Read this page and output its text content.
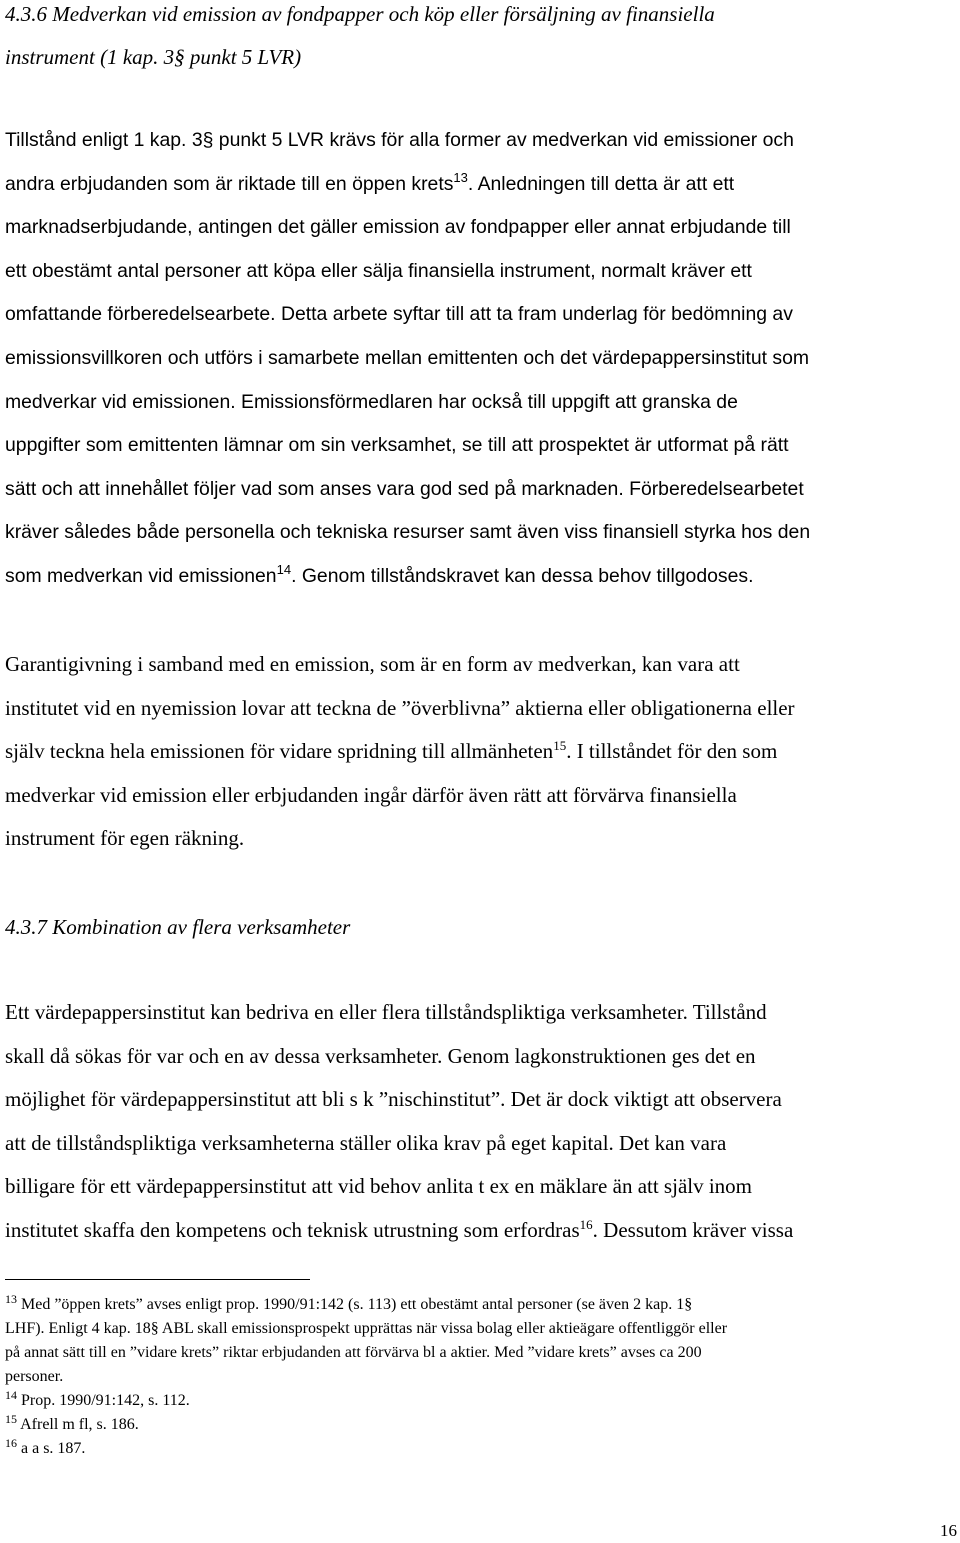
4.3.6 Medverkan vid emission av fondpapper och köp eller försäljning av finansiella
instrument (1 kap. 3§ punkt 5 LVR)

Tillstånd enligt 1 kap. 3§ punkt 5 LVR krävs för alla former av medverkan vid emissioner och
andra erbjudanden som är riktade till en öppen krets$^{13}$. Anledningen till detta är att ett
marknadserbjudande, antingen det gäller emission av fondpapper eller annat erbjudande till
ett obestämt antal personer att köpa eller sälja finansiella instrument, normalt kräver ett
omfattande förberedelsearbete. Detta arbete syftar till att ta fram underlag för bedömning av
emissionsvillkoren och utförs i samarbete mellan emittenten och det värdepappersinstitut som
medverkar vid emissionen. Emissionsförmedlaren har också till uppgift att granska de
uppgifter som emittenten lämnar om sin verksamhet, se till att prospektet är utformat på rätt
sätt och att innehållet följer vad som anses vara god sed på marknaden. Förberedelsearbetet
kräver således både personella och tekniska resurser samt även viss finansiell styrka hos den
som medverkan vid emissionen$^{14}$. Genom tillståndskravet kan dessa behov tillgodoses.

Garantigivning i samband med en emission, som är en form av medverkan, kan vara att
institutet vid en nyemission lovar att teckna de ”överblivna” aktierna eller obligationerna eller
själv teckna hela emissionen för vidare spridning till allmänheten$^{15}$. I tillståndet för den som
medverkar vid emission eller erbjudanden ingår därför även rätt att förvärva finansiella
instrument för egen räkning.

4.3.7 Kombination av flera verksamheter

Ett värdepappersinstitut kan bedriva en eller flera tillståndspliktiga verksamheter. Tillstånd
skall då sökas för var och en av dessa verksamheter. Genom lagkonstruktionen ges det en
möjlighet för värdepappersinstitut att bli s k ”nischinstitut”. Det är dock viktigt att observera
att de tillståndspliktiga verksamheterna ställer olika krav på eget kapital. Det kan vara
billigare för ett värdepappersinstitut att vid behov anlita t ex en mäklare än att själv inom
institutet skaffa den kompetens och teknisk utrustning som erfordras$^{16}$. Dessutom kräver vissa

$^{13}$ Med ”öppen krets” avses enligt prop. 1990/91:142 (s. 113) ett obestämt antal personer (se även 2 kap. 1§
LHF). Enligt 4 kap. 18§ ABL skall emissionsprospekt upprättas när vissa bolag eller aktieägare offentliggör eller
på annat sätt till en ”vidare krets” riktar erbjudanden att förvärva bl a aktier. Med ”vidare krets” avses ca 200
personer.
$^{14}$ Prop. 1990/91:142, s. 112.
$^{15}$ Afrell m fl, s. 186.
$^{16}$ a a s. 187.
16
